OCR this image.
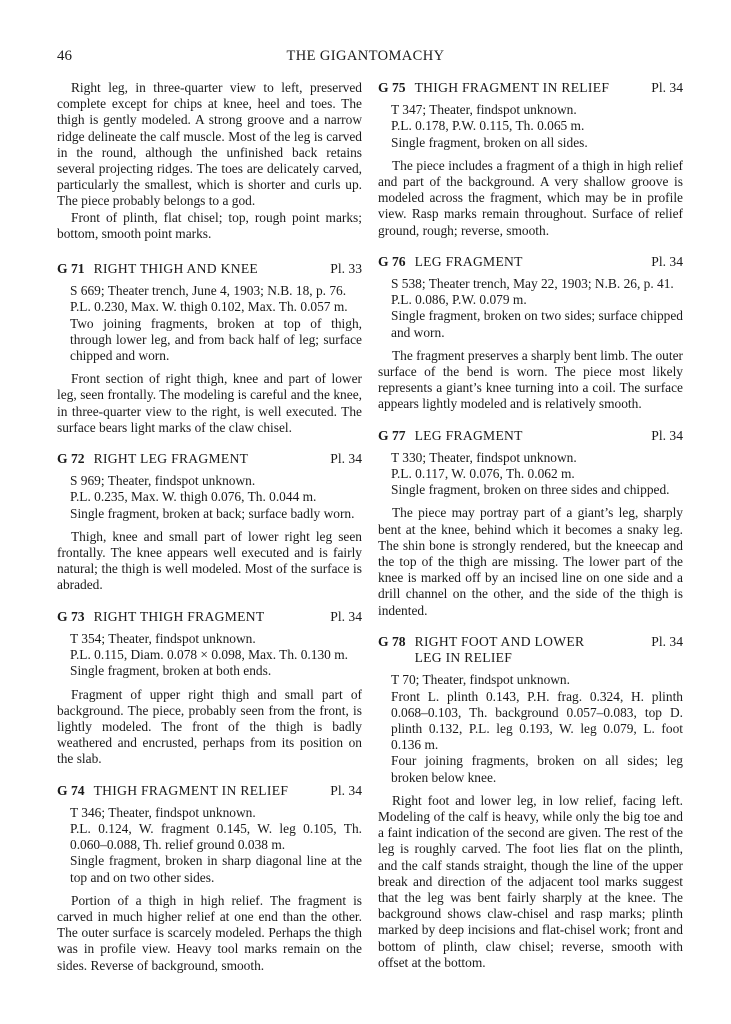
46	THE GIGANTOMACHY

Right leg, in three-quarter view to left, preserved complete except for chips at knee, heel and toes. The thigh is gently modeled. A strong groove and a narrow ridge delineate the calf muscle. Most of the leg is carved in the round, although the unfinished back retains several projecting ridges. The toes are delicately carved, particularly the smallest, which is shorter and curls up. The piece probably belongs to a god.

Front of plinth, flat chisel; top, rough point marks; bottom, smooth point marks.

G 71 RIGHT THIGH AND KNEE	Pl. 33
S 669; Theater trench, June 4, 1903; N.B. 18, p. 76.
P.L. 0.230, Max. W. thigh 0.102, Max. Th. 0.057 m.
Two joining fragments, broken at top of thigh, through lower leg, and from back half of leg; surface chipped and worn.

Front section of right thigh, knee and part of lower leg, seen frontally. The modeling is careful and the knee, in three-quarter view to the right, is well executed. The surface bears light marks of the claw chisel.

G 72 RIGHT LEG FRAGMENT	Pl. 34
S 969; Theater, findspot unknown.
P.L. 0.235, Max. W. thigh 0.076, Th. 0.044 m.
Single fragment, broken at back; surface badly worn.

Thigh, knee and small part of lower right leg seen frontally. The knee appears well executed and is fairly natural; the thigh is well modeled. Most of the surface is abraded.

G 73 RIGHT THIGH FRAGMENT	Pl. 34
T 354; Theater, findspot unknown.
P.L. 0.115, Diam. 0.078 × 0.098, Max. Th. 0.130 m.
Single fragment, broken at both ends.

Fragment of upper right thigh and small part of background. The piece, probably seen from the front, is lightly modeled. The front of the thigh is badly weathered and encrusted, perhaps from its position on the slab.

G 74 THIGH FRAGMENT IN RELIEF	Pl. 34
T 346; Theater, findspot unknown.
P.L. 0.124, W. fragment 0.145, W. leg 0.105, Th. 0.060–0.088, Th. relief ground 0.038 m.
Single fragment, broken in sharp diagonal line at the top and on two other sides.

Portion of a thigh in high relief. The fragment is carved in much higher relief at one end than the other. The outer surface is scarcely modeled. Perhaps the thigh was in profile view. Heavy tool marks remain on the sides. Reverse of background, smooth.

G 75 THIGH FRAGMENT IN RELIEF	Pl. 34
T 347; Theater, findspot unknown.
P.L. 0.178, P.W. 0.115, Th. 0.065 m.
Single fragment, broken on all sides.

The piece includes a fragment of a thigh in high relief and part of the background. A very shallow groove is modeled across the fragment, which may be in profile view. Rasp marks remain throughout. Surface of relief ground, rough; reverse, smooth.

G 76 LEG FRAGMENT	Pl. 34
S 538; Theater trench, May 22, 1903; N.B. 26, p. 41.
P.L. 0.086, P.W. 0.079 m.
Single fragment, broken on two sides; surface chipped and worn.

The fragment preserves a sharply bent limb. The outer surface of the bend is worn. The piece most likely represents a giant’s knee turning into a coil. The surface appears lightly modeled and is relatively smooth.

G 77 LEG FRAGMENT	Pl. 34
T 330; Theater, findspot unknown.
P.L. 0.117, W. 0.076, Th. 0.062 m.
Single fragment, broken on three sides and chipped.

The piece may portray part of a giant’s leg, sharply bent at the knee, behind which it becomes a snaky leg. The shin bone is strongly rendered, but the kneecap and the top of the thigh are missing. The lower part of the knee is marked off by an incised line on one side and a drill channel on the other, and the side of the thigh is indented.

G 78 RIGHT FOOT AND LOWER LEG IN RELIEF
Pl. 34
T 70; Theater, findspot unknown.
Front L. plinth 0.143, P.H. frag. 0.324, H. plinth 0.068–0.103, Th. background 0.057–0.083, top D. plinth 0.132, P.L. leg 0.193, W. leg 0.079, L. foot 0.136 m.
Four joining fragments, broken on all sides; leg broken below knee.

Right foot and lower leg, in low relief, facing left. Modeling of the calf is heavy, while only the big toe and a faint indication of the second are given. The rest of the leg is roughly carved. The foot lies flat on the plinth, and the calf stands straight, though the line of the upper break and direction of the adjacent tool marks suggest that the leg was bent fairly sharply at the knee. The background shows claw-chisel and rasp marks; plinth marked by deep incisions and flat-chisel work; front and bottom of plinth, claw chisel; reverse, smooth with offset at the bottom.
